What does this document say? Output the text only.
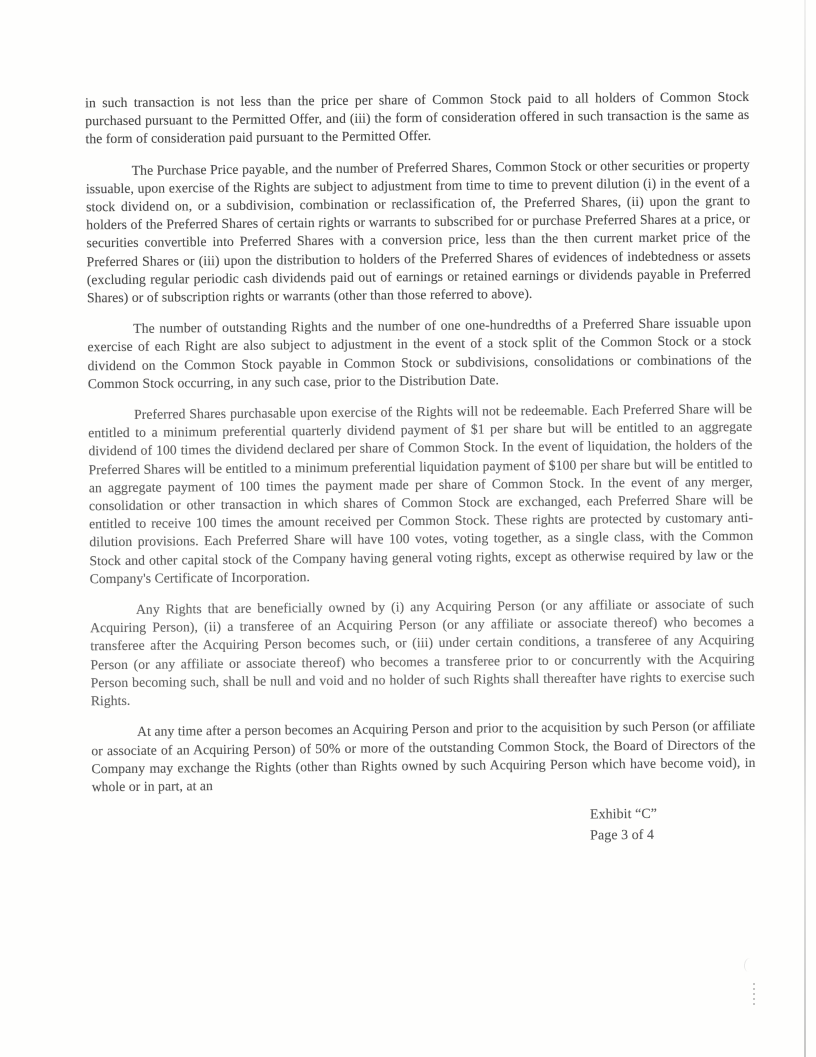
in such transaction is not less than the price per share of Common Stock paid to all holders of Common Stock purchased pursuant to the Permitted Offer, and (iii) the form of consideration offered in such transaction is the same as the form of consideration paid pursuant to the Permitted Offer.

The Purchase Price payable, and the number of Preferred Shares, Common Stock or other securities or property issuable, upon exercise of the Rights are subject to adjustment from time to time to prevent dilution (i) in the event of a stock dividend on, or a subdivision, combination or reclassification of, the Preferred Shares, (ii) upon the grant to holders of the Preferred Shares of certain rights or warrants to subscribed for or purchase Preferred Shares at a price, or securities convertible into Preferred Shares with a conversion price, less than the then current market price of the Preferred Shares or (iii) upon the distribution to holders of the Preferred Shares of evidences of indebtedness or assets (excluding regular periodic cash dividends paid out of earnings or retained earnings or dividends payable in Preferred Shares) or of subscription rights or warrants (other than those referred to above).

The number of outstanding Rights and the number of one one-hundredths of a Preferred Share issuable upon exercise of each Right are also subject to adjustment in the event of a stock split of the Common Stock or a stock dividend on the Common Stock payable in Common Stock or subdivisions, consolidations or combinations of the Common Stock occurring, in any such case, prior to the Distribution Date.

Preferred Shares purchasable upon exercise of the Rights will not be redeemable. Each Preferred Share will be entitled to a minimum preferential quarterly dividend payment of $1 per share but will be entitled to an aggregate dividend of 100 times the dividend declared per share of Common Stock. In the event of liquidation, the holders of the Preferred Shares will be entitled to a minimum preferential liquidation payment of $100 per share but will be entitled to an aggregate payment of 100 times the payment made per share of Common Stock. In the event of any merger, consolidation or other transaction in which shares of Common Stock are exchanged, each Preferred Share will be entitled to receive 100 times the amount received per Common Stock. These rights are protected by customary anti-dilution provisions. Each Preferred Share will have 100 votes, voting together, as a single class, with the Common Stock and other capital stock of the Company having general voting rights, except as otherwise required by law or the Company's Certificate of Incorporation.

Any Rights that are beneficially owned by (i) any Acquiring Person (or any affiliate or associate of such Acquiring Person), (ii) a transferee of an Acquiring Person (or any affiliate or associate thereof) who becomes a transferee after the Acquiring Person becomes such, or (iii) under certain conditions, a transferee of any Acquiring Person (or any affiliate or associate thereof) who becomes a transferee prior to or concurrently with the Acquiring Person becoming such, shall be null and void and no holder of such Rights shall thereafter have rights to exercise such Rights.

At any time after a person becomes an Acquiring Person and prior to the acquisition by such Person (or affiliate or associate of an Acquiring Person) of 50% or more of the outstanding Common Stock, the Board of Directors of the Company may exchange the Rights (other than Rights owned by such Acquiring Person which have become void), in whole or in part, at an

Exhibit “C”
Page 3 of 4
